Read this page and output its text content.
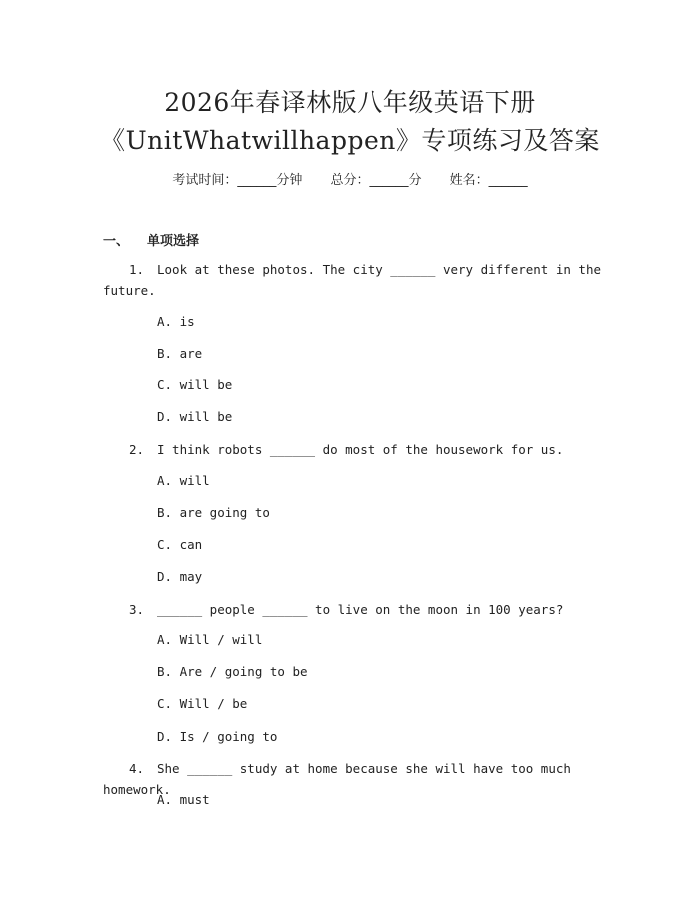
2026年春译林版八年级英语下册
《UnitWhatwillhappen》专项练习及答案
考试时间：______分钟 总分：______分 姓名：______
一、 单项选择
1. Look at these photos. The city ______ very different in the future.
A. is
B. are
C. will be
D. will be
2. I think robots ______ do most of the housework for us.
A. will
B. are going to
C. can
D. may
3. ______ people ______ to live on the moon in 100 years?
A. Will / will
B. Are / going to be
C. Will / be
D. Is / going to
4. She ______ study at home because she will have too much homework.
A. must
